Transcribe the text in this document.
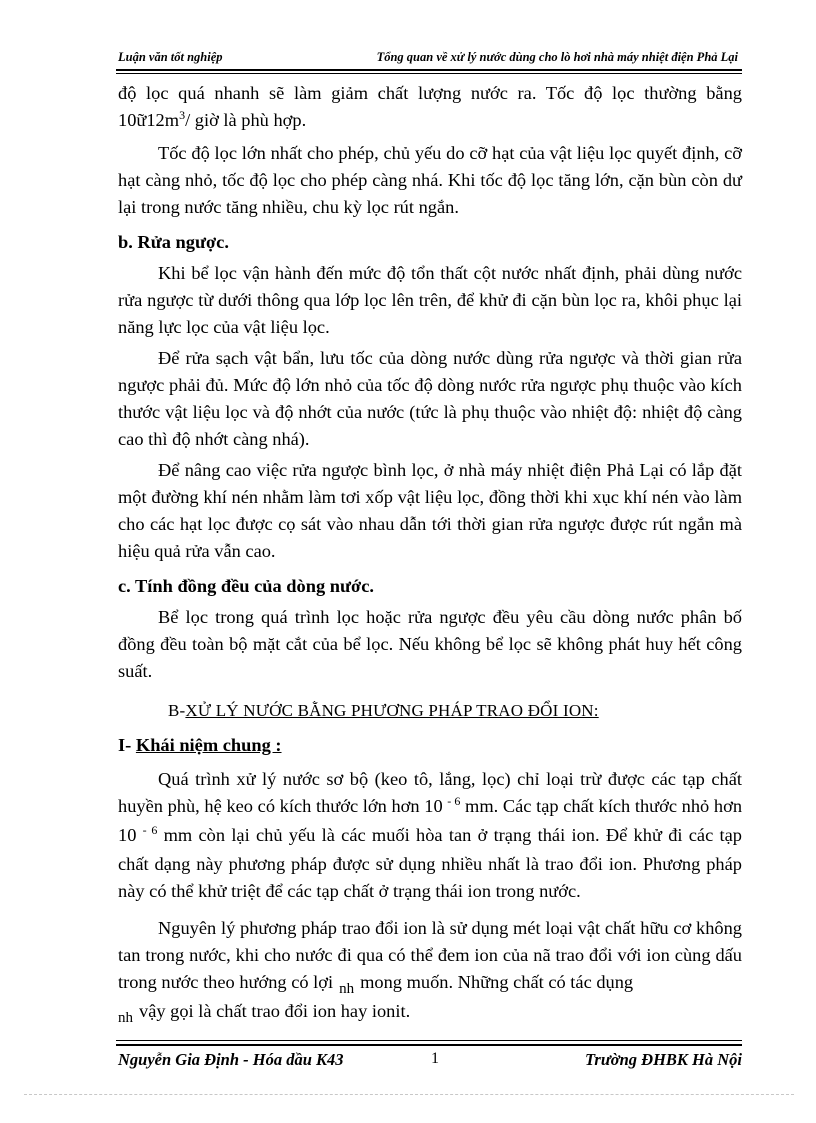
Luận văn tốt nghiệp	Tổng quan về xử lý nước dùng cho lò hơi nhà máy nhiệt điện Phả Lại

độ lọc quá nhanh sẽ làm giảm chất lượng nước ra. Tốc độ lọc thường bằng $10ữ12m^3/$ giờ là phù hợp.

Tốc độ lọc lớn nhất cho phép, chủ yếu do cỡ hạt của vật liệu lọc quyết định, cỡ hạt càng nhỏ, tốc độ lọc cho phép càng nhá. Khi tốc độ lọc tăng lớn, cặn bùn còn dư lại trong nước tăng nhiều, chu kỳ lọc rút ngắn.

b. Rửa ngược.

Khi bể lọc vận hành đến mức độ tổn thất cột nước nhất định, phải dùng nước rửa ngược từ dưới thông qua lớp lọc lên trên, để khử đi cặn bùn lọc ra, khôi phục lại năng lực lọc của vật liệu lọc.

Để rửa sạch vật bẩn, lưu tốc của dòng nước dùng rửa ngược và thời gian rửa ngược phải đủ. Mức độ lớn nhỏ của tốc độ dòng nước rửa ngược phụ thuộc vào kích thước vật liệu lọc và độ nhớt của nước (tức là phụ thuộc vào nhiệt độ: nhiệt độ càng cao thì độ nhớt càng nhá).

Để nâng cao việc rửa ngược bình lọc, ở nhà máy nhiệt điện Phả Lại có lắp đặt một đường khí nén nhằm làm tơi xốp vật liệu lọc, đồng thời khi xục khí nén vào làm cho các hạt lọc được cọ sát vào nhau dẫn tới thời gian rửa ngược được rút ngắn mà hiệu quả rửa vẫn cao.

c. Tính đồng đều của dòng nước.

Bể lọc trong quá trình lọc hoặc rửa ngược đều yêu cầu dòng nước phân bố đồng đều toàn bộ mặt cắt của bể lọc. Nếu không bể lọc sẽ không phát huy hết công suất.

B-XỬ LÝ NƯỚC BẰNG PHƯƠNG PHÁP TRAO ĐỔI ION:

I- Khái niệm chung :

Quá trình xử lý nước sơ bộ (keo tô, lắng, lọc) chỉ loại trừ được các tạp chất huyền phù, hệ keo có kích thước lớn hơn 10 $^{- 6}$ mm. Các tạp chất kích thước nhỏ hơn 10 $^{- 6}$ mm còn lại chủ yếu là các muối hòa tan ở trạng thái ion. Để khử đi các tạp chất dạng này phương pháp được sử dụng nhiều nhất là trao đổi ion. Phương pháp này có thể khử triệt để các tạp chất ở trạng thái ion trong nước.

Nguyên lý phương pháp trao đổi ion là sử dụng mét loại vật chất hữu cơ không tan trong nước, khi cho nước đi qua có thể đem ion của nã trao đổi với ion cùng dấu trong nước theo hướng có lợi $_{nh}$ mong muốn. Những chất có tác dụng
$_{nh}$ vậy gọi là chất trao đổi ion hay ionit.

Nguyễn Gia Định - Hóa dầu K43	1	Trường ĐHBK Hà Nội
